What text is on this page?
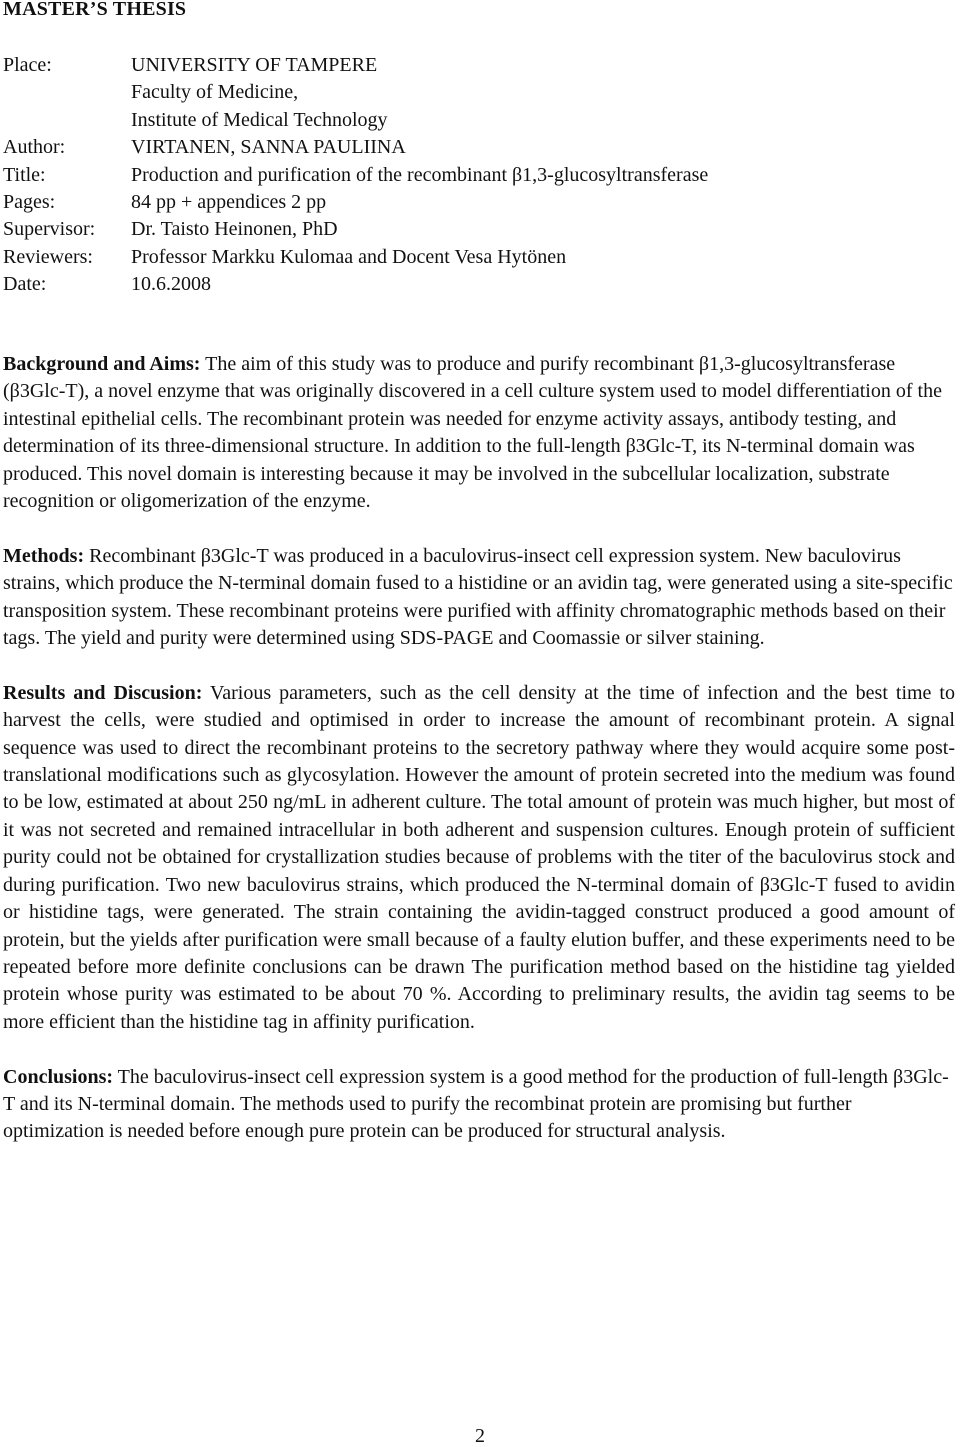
MASTER’S THESIS
Place:	UNIVERSITY OF TAMPERE
Faculty of Medicine,
Institute of Medical Technology
Author:	VIRTANEN, SANNA PAULIINA
Title:	Production and purification of the recombinant β1,3-glucosyltransferase
Pages:	84 pp + appendices 2 pp
Supervisor:	Dr. Taisto Heinonen, PhD
Reviewers:	Professor Markku Kulomaa and Docent Vesa Hytönen
Date:	10.6.2008

Background and Aims: The aim of this study was to produce and purify recombinant β1,3-glucosyltransferase (β3Glc-T), a novel enzyme that was originally discovered in a cell culture system used to model differentiation of the intestinal epithelial cells. The recombinant protein was needed for enzyme activity assays, antibody testing, and determination of its three-dimensional structure. In addition to the full-length β3Glc-T, its N-terminal domain was produced. This novel domain is interesting because it may be involved in the subcellular localization, substrate recognition or oligomerization of the enzyme.

Methods: Recombinant β3Glc-T was produced in a baculovirus-insect cell expression system. New baculovirus strains, which produce the N-terminal domain fused to a histidine or an avidin tag, were generated using a site-specific transposition system. These recombinant proteins were purified with affinity chromatographic methods based on their tags. The yield and purity were determined using SDS-PAGE and Coomassie or silver staining.

Results and Discusion: Various parameters, such as the cell density at the time of infection and the best time to harvest the cells, were studied and optimised in order to increase the amount of recombinant protein. A signal sequence was used to direct the recombinant proteins to the secretory pathway where they would acquire some post-translational modifications such as glycosylation. However the amount of protein secreted into the medium was found to be low, estimated at about 250 ng/mL in adherent culture. The total amount of protein was much higher, but most of it was not secreted and remained intracellular in both adherent and suspension cultures. Enough protein of sufficient purity could not be obtained for crystallization studies because of problems with the titer of the baculovirus stock and during purification. Two new baculovirus strains, which produced the N-terminal domain of β3Glc-T fused to avidin or histidine tags, were generated. The strain containing the avidin-tagged construct produced a good amount of protein, but the yields after purification were small because of a faulty elution buffer, and these experiments need to be repeated before more definite conclusions can be drawn The purification method based on the histidine tag yielded protein whose purity was estimated to be about 70 %. According to preliminary results, the avidin tag seems to be more efficient than the histidine tag in affinity purification.

Conclusions: The baculovirus-insect cell expression system is a good method for the production of full-length β3Glc-T and its N-terminal domain. The methods used to purify the recombinat protein are promising but further optimization is needed before enough pure protein can be produced for structural analysis.

2
